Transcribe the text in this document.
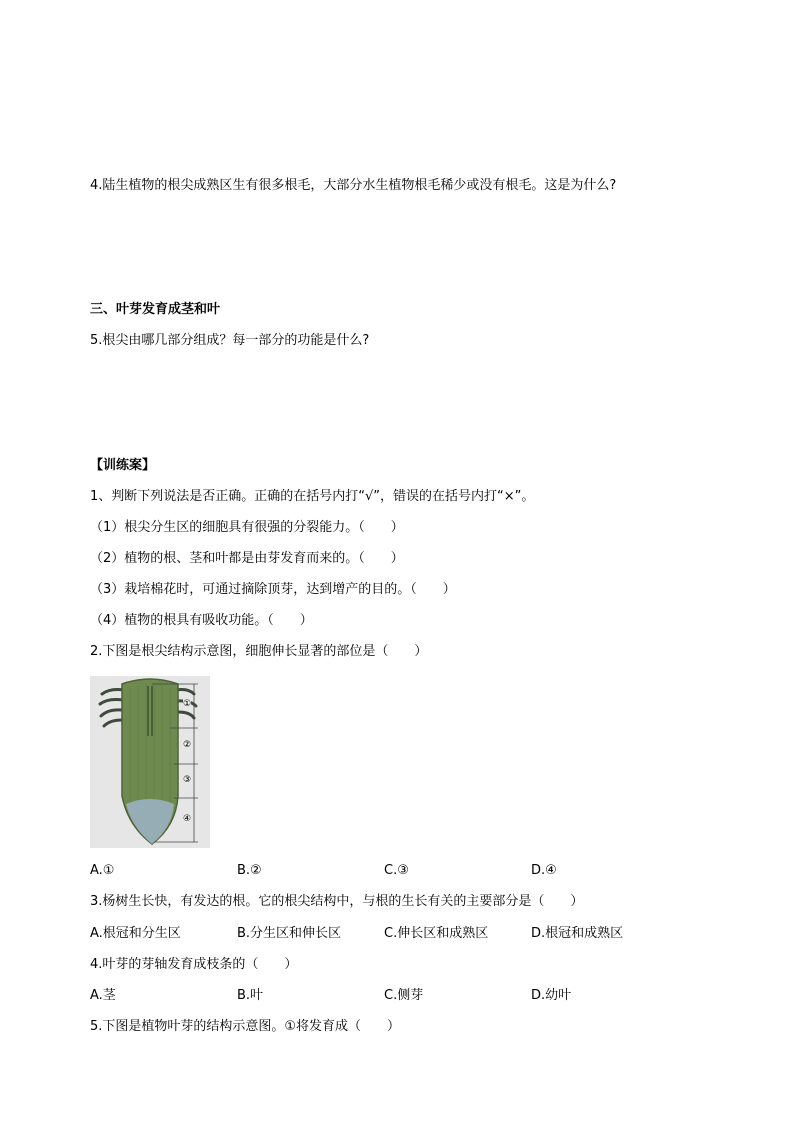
4.陆生植物的根尖成熟区生有很多根毛，大部分水生植物根毛稀少或没有根毛。这是为什么?
三、叶芽发育成茎和叶
5.根尖由哪几部分组成？每一部分的功能是什么?
【训练案】
1、判断下列说法是否正确。正确的在括号内打“√”，错误的在括号内打“×”。
（1）根尖分生区的细胞具有很强的分裂能力。（　　）
（2）植物的根、茎和叶都是由芽发育而来的。（　　）
（3）栽培棉花时，可通过摘除顶芽，达到增产的目的。（　　）
（4）植物的根具有吸收功能。（　　）
2.下图是根尖结构示意图，细胞伸长显著的部位是（　　）
①
②
③
④
A.①	B.②	C.③	D.④
3.杨树生长快，有发达的根。它的根尖结构中，与根的生长有关的主要部分是（　　）
A.根冠和分生区	B.分生区和伸长区	C.伸长区和成熟区	D.根冠和成熟区
4.叶芽的芽轴发育成枝条的（　　）
A.茎	B.叶	C.侧芽	D.幼叶
5.下图是植物叶芽的结构示意图。①将发育成（　　）
